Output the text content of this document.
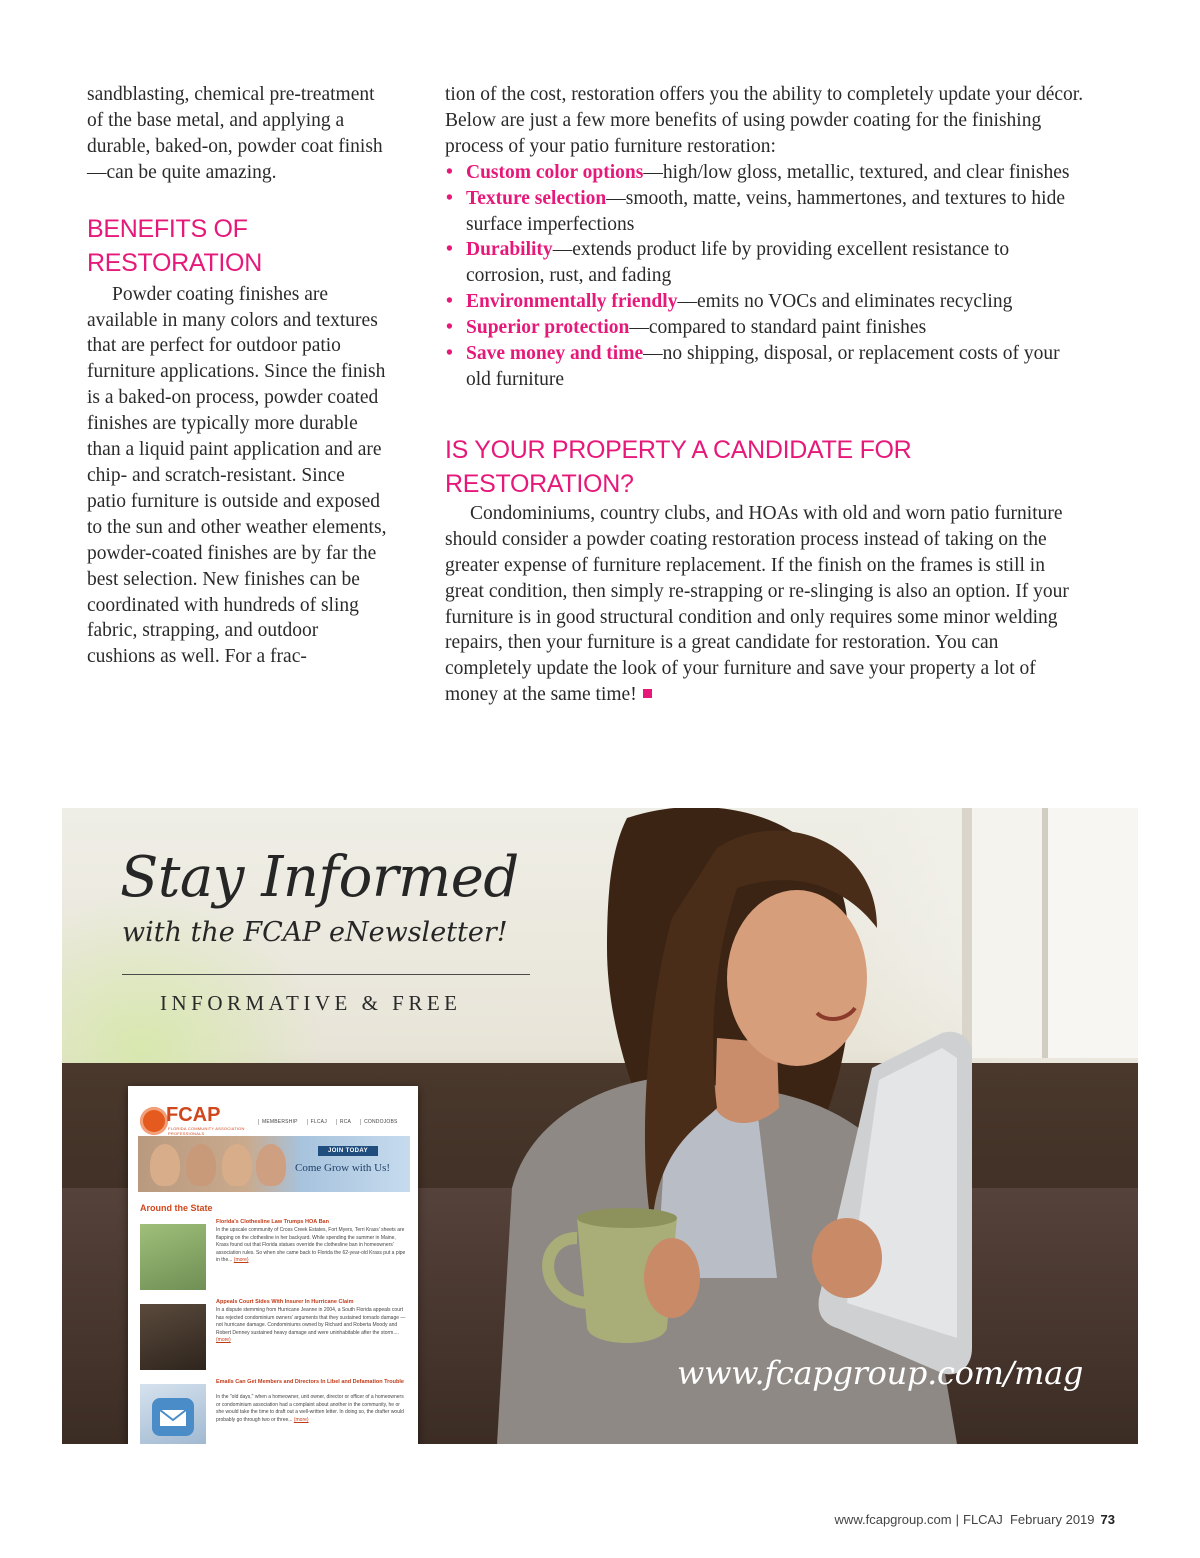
sandblasting, chemical pre-treatment of the base metal, and applying a durable, baked-on, powder coat finish—can be quite amazing.

BENEFITS OF
RESTORATION

Powder coating finishes are available in many colors and textures that are perfect for outdoor patio furniture applications. Since the finish is a baked-on process, powder coated finishes are typically more durable than a liquid paint application and are chip- and scratch-resistant. Since patio furniture is outside and exposed to the sun and other weather elements, powder-coated finishes are by far the best selection. New finishes can be coordinated with hundreds of sling fabric, strapping, and outdoor cushions as well. For a frac-

tion of the cost, restoration offers you the ability to completely update your décor. Below are just a few more benefits of using powder coating for the finishing process of your patio furniture restoration:

• Custom color options—high/low gloss, metallic, textured, and clear finishes
• Texture selection—smooth, matte, veins, hammertones, and textures to hide surface imperfections
• Durability—extends product life by providing excellent resistance to corrosion, rust, and fading
• Environmentally friendly—emits no VOCs and eliminates recycling
• Superior protection—compared to standard paint finishes
• Save money and time—no shipping, disposal, or replacement costs of your old furniture
IS YOUR PROPERTY A CANDIDATE FOR RESTORATION?

Condominiums, country clubs, and HOAs with old and worn patio furniture should consider a powder coating restoration process instead of taking on the greater expense of furniture replacement. If the finish on the frames is still in great condition, then simply re-strapping or re-slinging is also an option. If your furniture is in good structural condition and only requires some minor welding repairs, then your furniture is a great candidate for restoration. You can completely update the look of your furniture and save your property a lot of money at the same time!

Stay Informed
with the FCAP eNewsletter!
INFORMATIVE & FREE
FCAP
FLORIDA COMMUNITY ASSOCIATION PROFESSIONALS
MEMBERSHIP	FLCAJ	RCA	CONDOJOBS
JOIN TODAY
Come Grow with Us!
Around the State
Florida's Clothesline Law Trumps HOA Ban
In the upscale community of Cross Creek Estates, Fort Myers, Terri Krass' sheets are flapping on the clothesline in her backyard. While spending the summer in Maine, Krass found out that Florida statues override the clothesline ban in homeowners' association rules. So when she came back to Florida the 62-year-old Krass put a pipe in the... (more)
Appeals Court Sides With Insurer In Hurricane Claim
In a dispute stemming from Hurricane Jeanne in 2004, a South Florida appeals court has rejected condominium owners' arguments that they sustained tornado damage — not hurricane damage. Condominiums owned by Richard and Roberta Moody and Robert Denney sustained heavy damage and were uninhabitable after the storm.... (more)
Emails Can Get Members and Directors In Libel and Defamation Trouble
In the "old days," when a homeowner, unit owner, director or officer of a homeowners or condominium association had a complaint about another in the community, he or she would take the time to draft out a well-written letter. In doing so, the drafter would probably go through two or three... (more)
www.fcapgroup.com/mag
www.fcapgroup.com | FLCAJ February 2019 73
